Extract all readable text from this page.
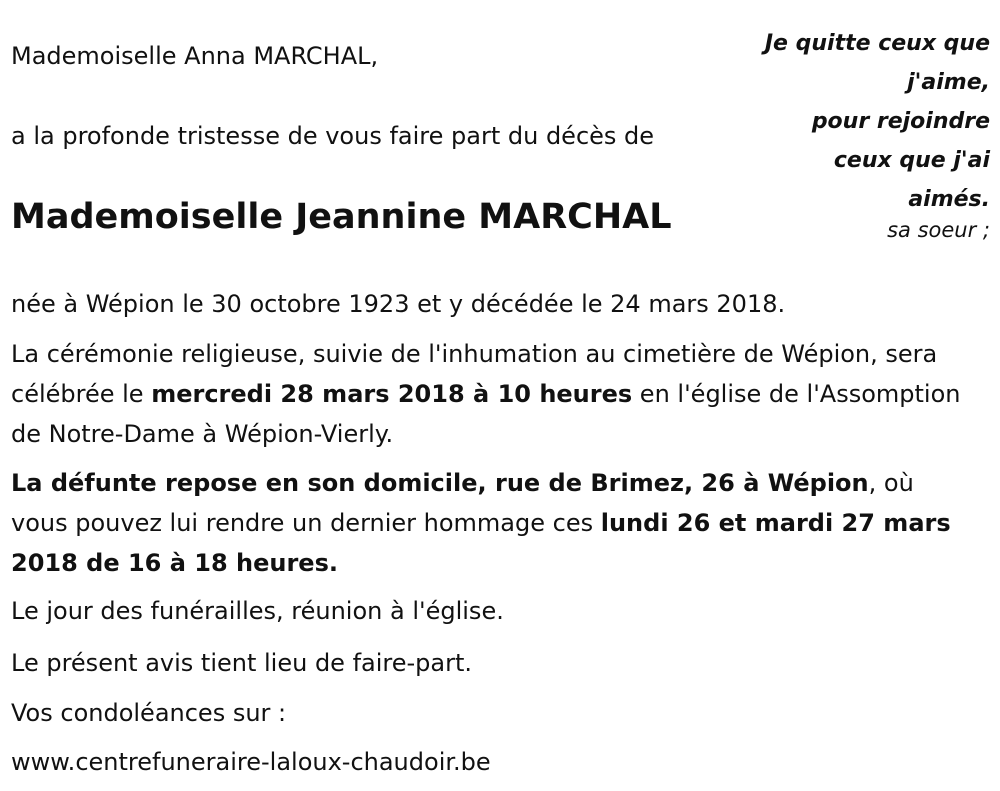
Je quitte ceux que
j'aime,
pour rejoindre
ceux que j'ai
aimés.
sa soeur ;
Mademoiselle Anna MARCHAL,
a la profonde tristesse de vous faire part du décès de
Mademoiselle Jeannine MARCHAL
née à Wépion le 30 octobre 1923 et y décédée le 24 mars 2018.
La cérémonie religieuse, suivie de l'inhumation au cimetière de Wépion, sera célébrée le mercredi 28 mars 2018 à 10 heures en l'église de l'Assomption de Notre-Dame à Wépion-Vierly.
La défunte repose en son domicile, rue de Brimez, 26 à Wépion, où vous pouvez lui rendre un dernier hommage ces lundi 26 et mardi 27 mars 2018 de 16 à 18 heures.
Le jour des funérailles, réunion à l'église.
Le présent avis tient lieu de faire-part.
Vos condoléances sur :
www.centrefuneraire-laloux-chaudoir.be
